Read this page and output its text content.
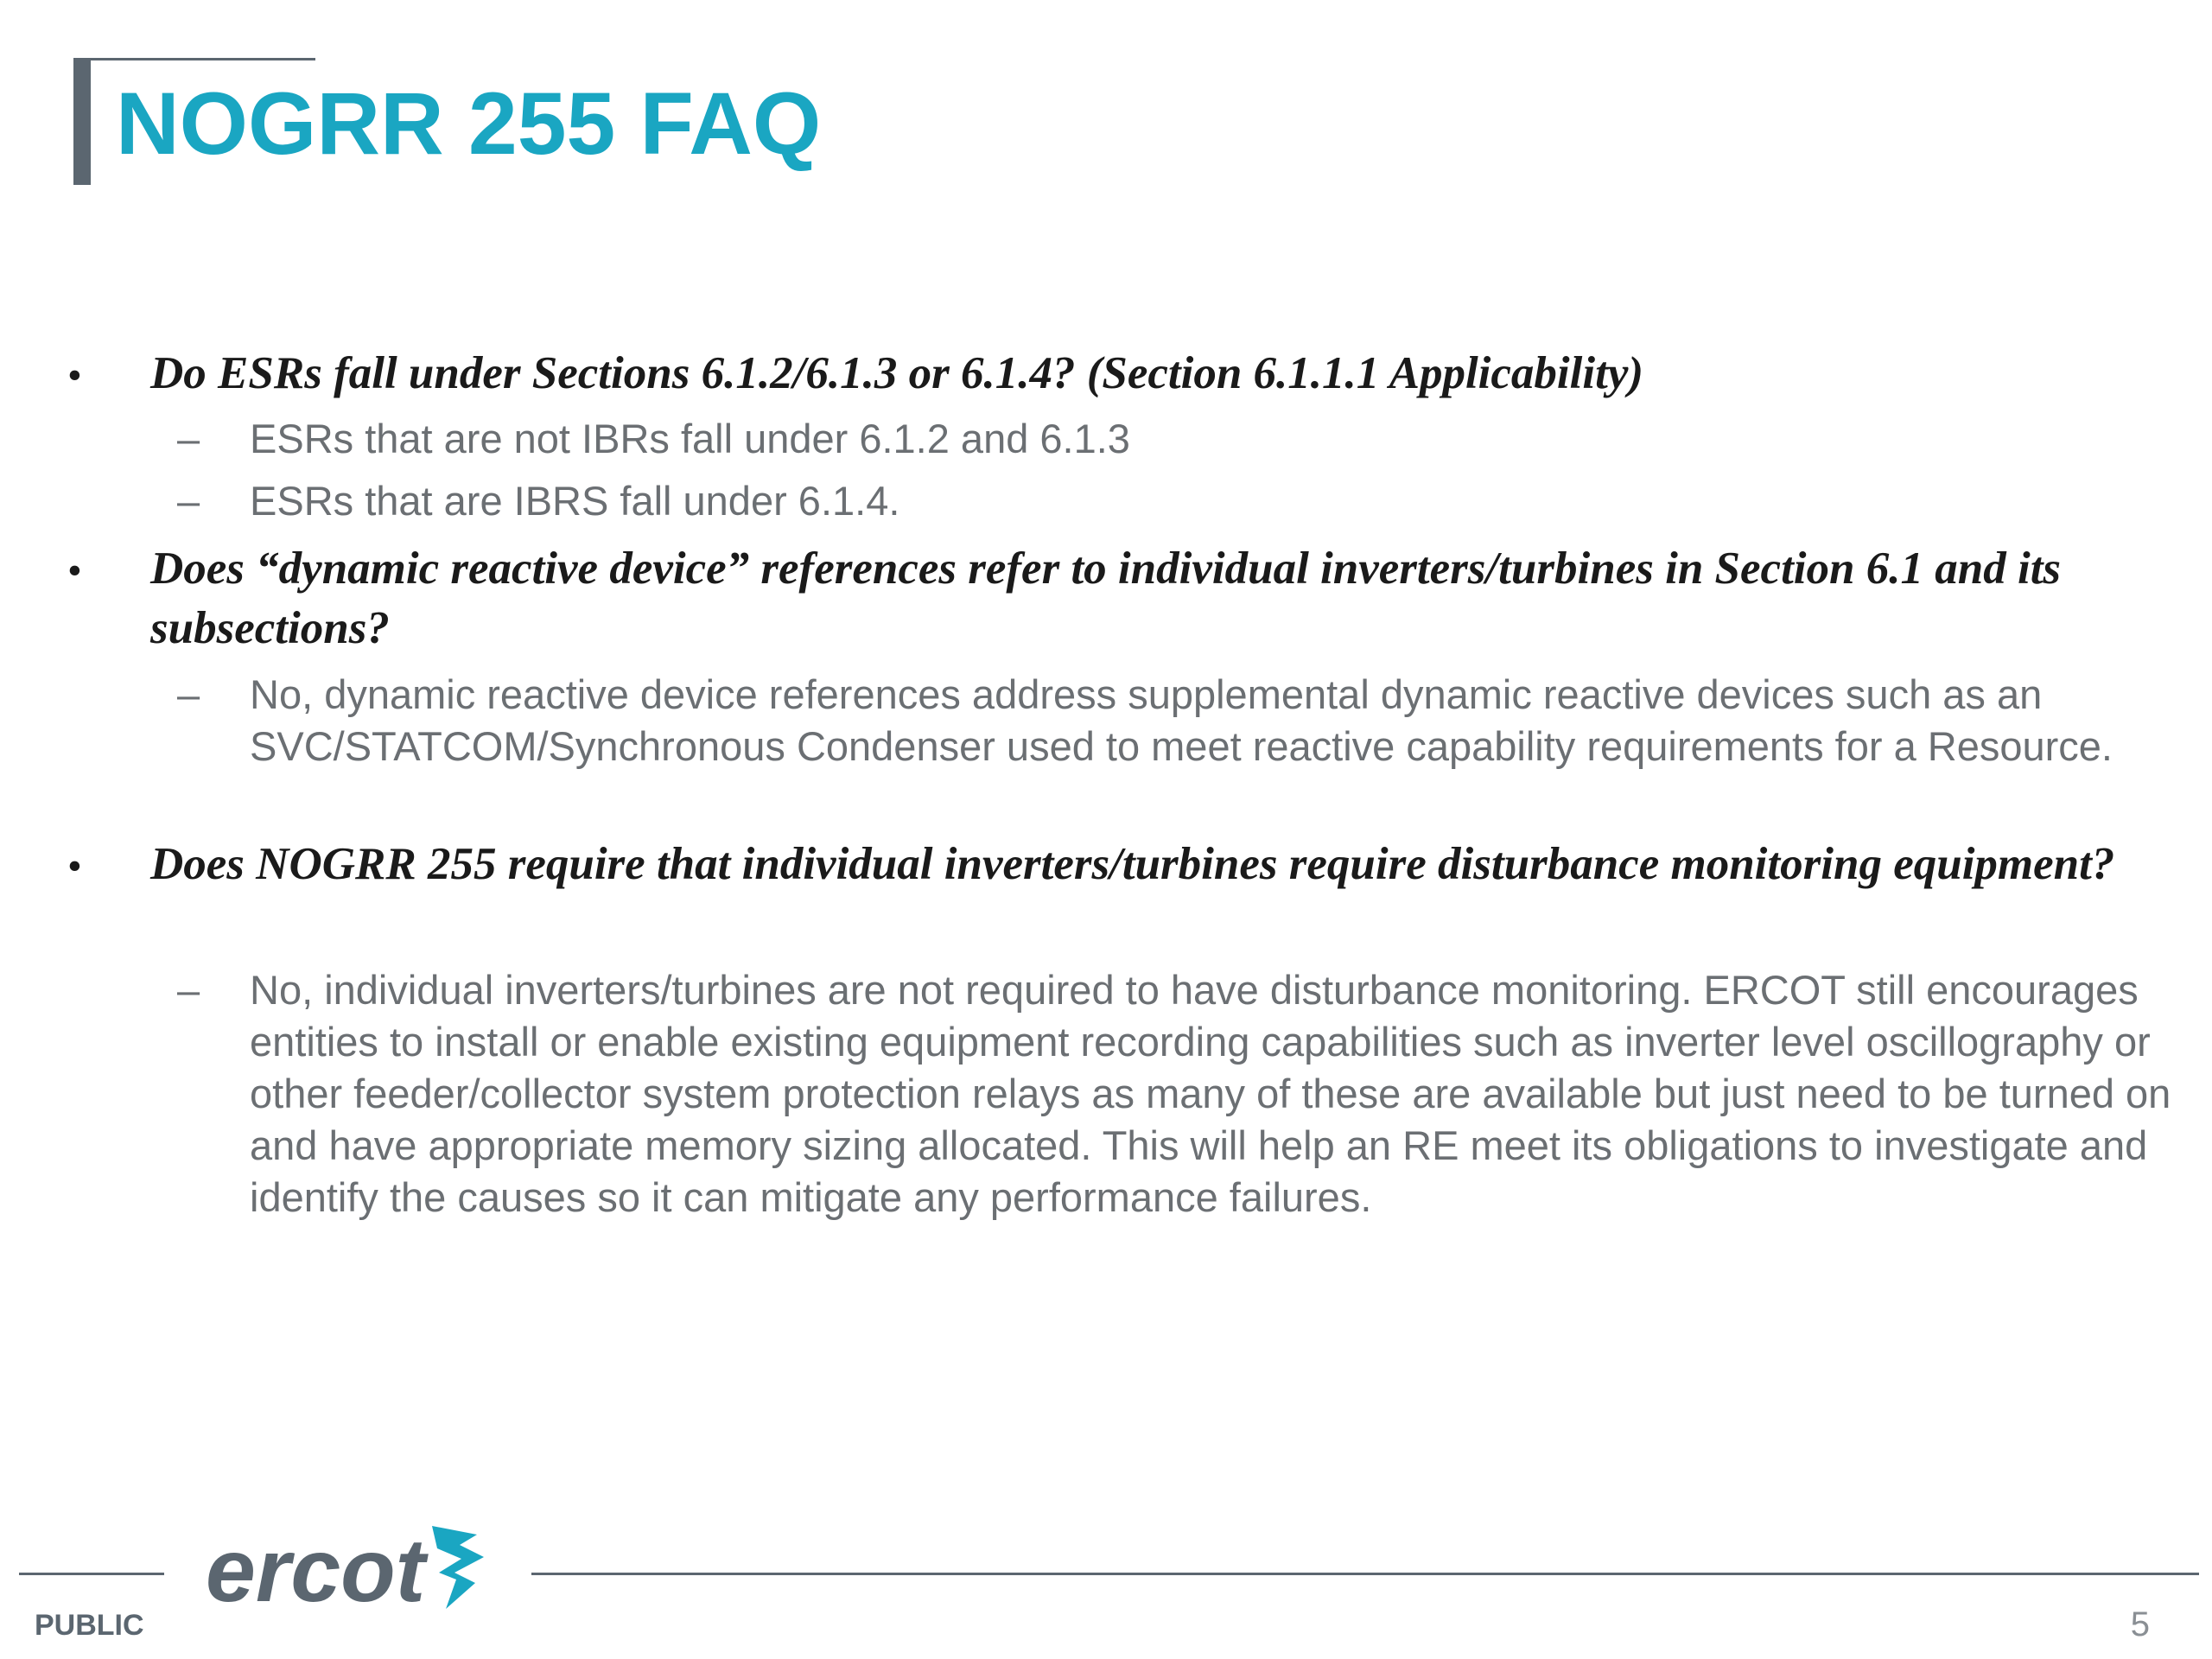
NOGRR 255 FAQ
• Do ESRs fall under Sections 6.1.2/6.1.3 or 6.1.4? (Section 6.1.1.1 Applicability)
– ESRs that are not IBRs fall under 6.1.2 and 6.1.3
– ESRs that are IBRS fall under 6.1.4.
• Does “dynamic reactive device” references refer to individual inverters/turbines in Section 6.1 and its subsections?
– No, dynamic reactive device references address supplemental dynamic reactive devices such as an SVC/STATCOM/Synchronous Condenser used to meet reactive capability requirements for a Resource.
• Does NOGRR 255 require that individual inverters/turbines require disturbance monitoring equipment?
– No, individual inverters/turbines are not required to have disturbance monitoring. ERCOT still encourages entities to install or enable existing equipment recording capabilities such as inverter level oscillography or other feeder/collector system protection relays as many of these are available but just need to be turned on and have appropriate memory sizing allocated. This will help an RE meet its obligations to investigate and identify the causes so it can mitigate any performance failures.
ercot
PUBLIC	5
